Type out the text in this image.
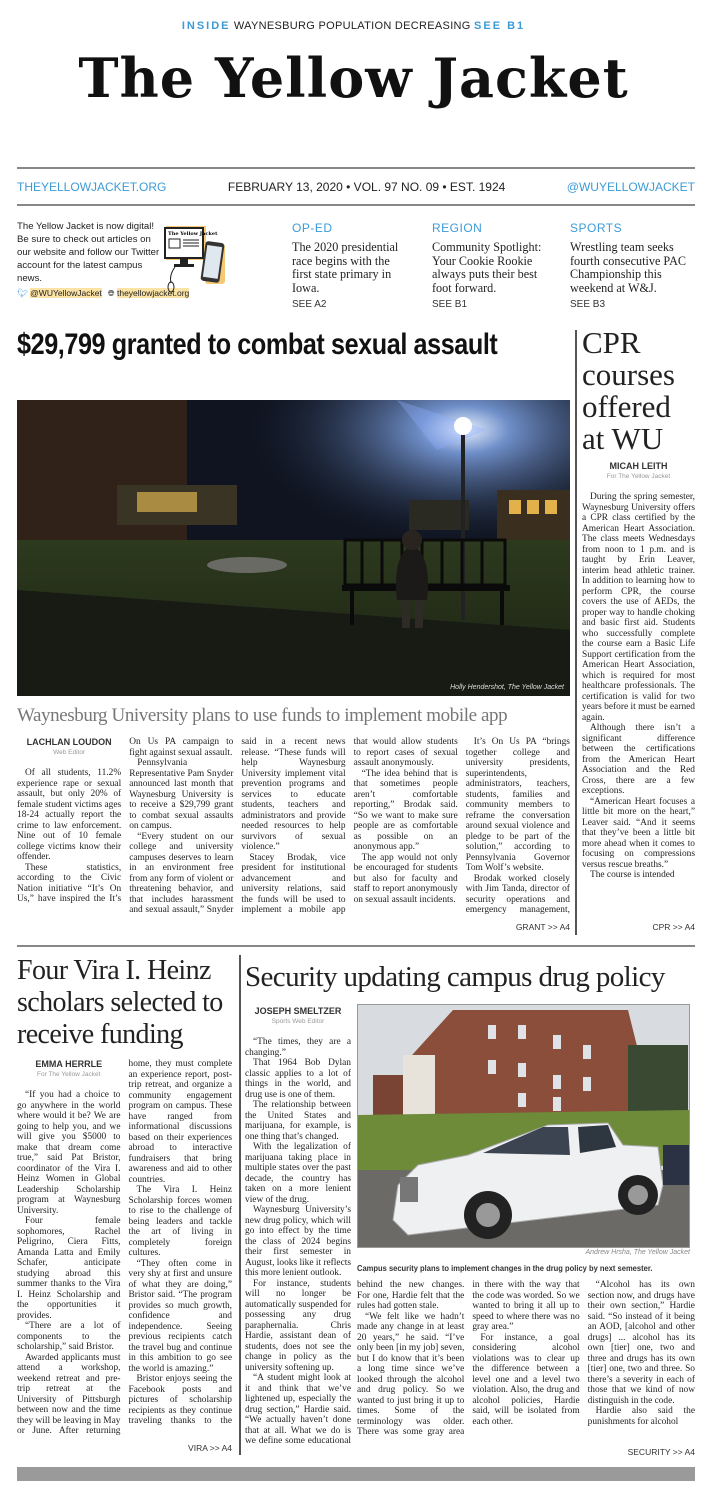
INSIDE WAYNESBURG POPULATION DECREASING SEE B1
The Yellow Jacket
THEYELLOWJACKET.ORG	FEBRUARY 13, 2020 • VOL. 97 NO. 09 • EST. 1924	@WUYELLOWJACKET
The Yellow Jacket is now digital! Be sure to check out articles on our website and follow our Twitter account for the latest campus news.
🐦︎ @WUYellowJacket 🌐︎ theyellowjacket.org
The Yellow Jacket	OP-ED
The 2020 presidential race begins with the first state primary in Iowa.
SEE A2
REGION
Community Spotlight: Your Cookie Rookie always puts their best foot forward.
SEE B1
SPORTS
Wrestling team seeks fourth consecutive PAC Championship this weekend at W&J.
SEE B3
$29,799 granted to combat sexual assault
Holly Hendershot, The Yellow Jacket
Waynesburg University plans to use funds to implement mobile app
LACHLAN LOUDON
Web Editor

Of all students, 11.2% experience rape or sexual assault, but only 20% of female student victims ages 18-24 actually report the crime to law enforcement. Nine out of 10 female college victims know their offender.

These statistics, according to the Civic Nation initiative “It’s On Us,” have inspired the It’s On Us PA campaign to fight against sexual assault.

Pennsylvania Representative Pam Snyder announced last month that Waynesburg University is to receive a $29,799 grant to combat sexual assaults on campus.

“Every student on our college and university campuses deserves to learn in an environment free from any form of violent or threatening behavior, and that includes harassment and sexual assault,” Snyder said in a recent news release. “These funds will help Waynesburg University implement vital prevention programs and services to educate students, teachers and administrators and provide needed resources to help survivors of sexual violence.”

Stacey Brodak, vice president for institutional advancement and university relations, said the funds will be used to implement a mobile app that would allow students to report cases of sexual assault anonymously.

“The idea behind that is that sometimes people aren’t comfortable reporting,” Brodak said. “So we want to make sure people are as comfortable as possible on an anonymous app.”

The app would not only be encouraged for students but also for faculty and staff to report anonymously on sexual assault incidents.

It’s On Us PA “brings together college and university presidents, superintendents, administrators, teachers, students, families and community members to reframe the conversation around sexual violence and pledge to be part of the solution,” according to Pennsylvania Governor Tom Wolf’s website.

Brodak worked closely with Jim Tanda, director of security operations and emergency management,

GRANT >> A4
CPR courses offered at WU
MICAH LEITH
For The Yellow Jacket

During the spring semester, Waynesburg University offers a CPR class certified by the American Heart Association. The class meets Wednesdays from noon to 1 p.m. and is taught by Erin Leaver, interim head athletic trainer. In addition to learning how to perform CPR, the course covers the use of AEDs, the proper way to handle choking and basic first aid. Students who successfully complete the course earn a Basic Life Support certification from the American Heart Association, which is required for most healthcare professionals. The certification is valid for two years before it must be earned again.

Although there isn’t a significant difference between the certifications from the American Heart Association and the Red Cross, there are a few exceptions.

“American Heart focuses a little bit more on the heart,” Leaver said. “And it seems that they’ve been a little bit more ahead when it comes to focusing on compressions versus rescue breaths.”

The course is intended

CPR >> A4
Four Vira I. Heinz scholars selected to receive funding
EMMA HERRLE
For The Yellow Jacket

“If you had a choice to go anywhere in the world where would it be? We are going to help you, and we will give you $5000 to make that dream come true,” said Pat Bristor, coordinator of the Vira I. Heinz Women in Global Leadership Scholarship program at Waynesburg University.

Four female sophomores, Rachel Peligrino, Ciera Fitts, Amanda Latta and Emily Schafer, anticipate studying abroad this summer thanks to the Vira I. Heinz Scholarship and the opportunities it provides.

“There are a lot of components to the scholarship,” said Bristor.

Awarded applicants must attend a workshop, weekend retreat and pre-trip retreat at the University of Pittsburgh between now and the time they will be leaving in May or June. After returning home, they must complete an experience report, post-trip retreat, and organize a community engagement program on campus. These have ranged from informational discussions based on their experiences abroad to interactive fundraisers that bring awareness and aid to other countries.

The Vira I. Heinz Scholarship forces women to rise to the challenge of being leaders and tackle the art of living in completely foreign cultures.

“They often come in very shy at first and unsure of what they are doing,” Bristor said. “The program provides so much growth, confidence and independence. Seeing previous recipients catch the travel bug and continue in this ambition to go see the world is amazing.”

Bristor enjoys seeing the Facebook posts and pictures of scholarship recipients as they continue traveling thanks to the

VIRA >> A4
Security updating campus drug policy
JOSEPH SMELTZER
Sports Web Editor

“The times, they are a changing.”

That 1964 Bob Dylan classic applies to a lot of things in the world, and drug use is one of them.

The relationship between the United States and marijuana, for example, is one thing that’s changed.

With the legalization of marijuana taking place in multiple states over the past decade, the country has taken on a more lenient view of the drug.

Waynesburg University’s new drug policy, which will go into effect by the time the class of 2024 begins their first semester in August, looks like it reflects this more lenient outlook.

For instance, students will no longer be automatically suspended for possessing any drug paraphernalia. Chris Hardie, assistant dean of students, does not see the change in policy as the university softening up.

“A student might look at it and think that we’ve lightened up, especially the drug section,” Hardie said. “We actually haven’t done that at all. What we do is we define some educational

Andrew Hrsha, The Yellow Jacket
Campus security plans to implement changes in the drug policy by next semester.

behind the new changes. For one, Hardie felt that the rules had gotten stale.

“We felt like we hadn’t made any change in at least 20 years,” he said. “I’ve only been [in my job] seven, but I do know that it’s been a long time since we’ve looked through the alcohol and drug policy. So we wanted to just bring it up to times. Some of the terminology was older. There was some gray area in there with the way that the code was worded. So we wanted to bring it all up to speed to where there was no gray area.”

For instance, a goal considering alcohol violations was to clear up the difference between a level one and a level two violation. Also, the drug and alcohol policies, Hardie said, will be isolated from each other.

“Alcohol has its own section now, and drugs have their own section,” Hardie said. “So instead of it being an AOD, [alcohol and other drugs] ... alcohol has its own [tier] one, two and three and drugs has its own [tier] one, two and three. So there’s a severity in each of those that we kind of now distinguish in the code.

Hardie also said the punishments for alcohol

SECURITY >> A4
